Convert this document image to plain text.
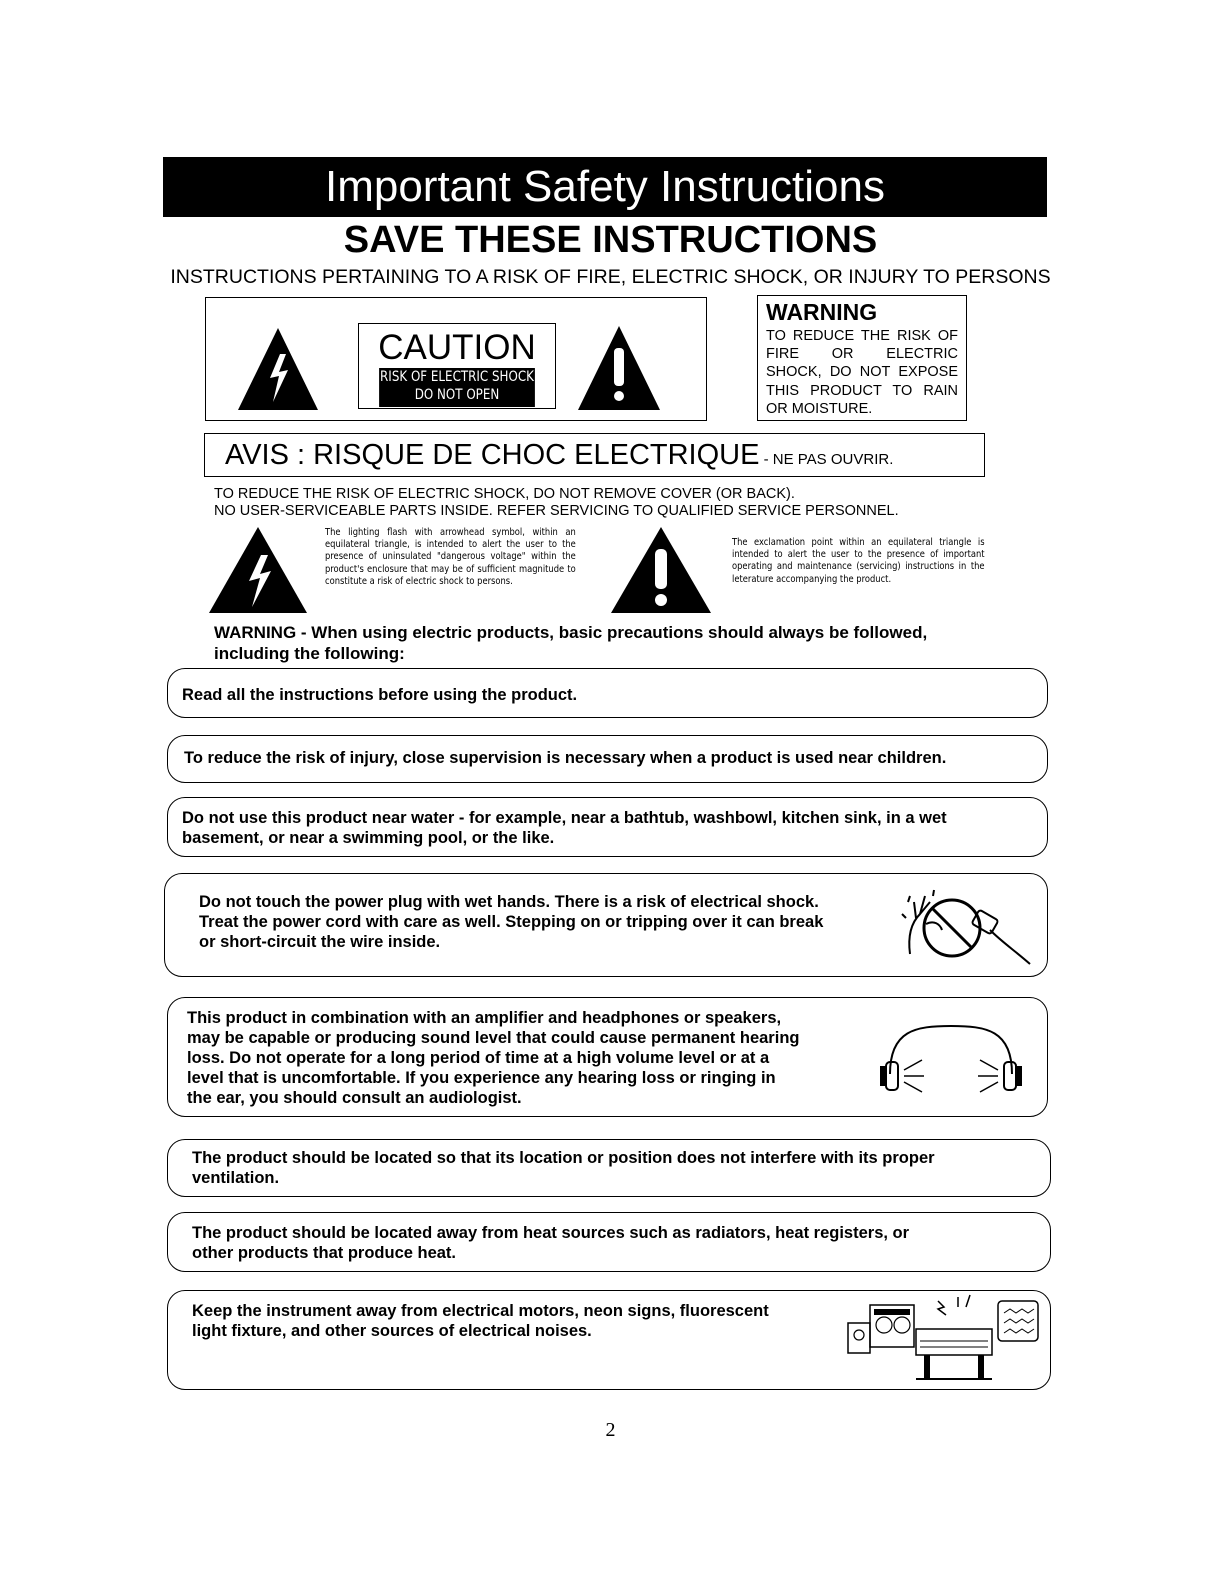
Important Safety Instructions
SAVE THESE INSTRUCTIONS
INSTRUCTIONS PERTAINING TO A RISK OF FIRE, ELECTRIC SHOCK, OR INJURY TO PERSONS
CAUTION
RISK OF ELECTRIC SHOCK
DO NOT OPEN
WARNING
TO REDUCE THE RISK OF FIRE OR ELECTRIC SHOCK, DO NOT EXPOSE THIS PRODUCT TO RAIN OR MOISTURE.
AVIS : RISQUE DE CHOC ELECTRIQUE - NE PAS OUVRIR.
TO REDUCE THE RISK OF ELECTRIC SHOCK, DO NOT REMOVE COVER (OR BACK).
NO USER-SERVICEABLE PARTS INSIDE. REFER SERVICING TO QUALIFIED SERVICE PERSONNEL.
The lighting flash with arrowhead symbol, within an equilateral triangle, is intended to alert the user to the presence of uninsulated "dangerous voltage" within the product's enclosure that may be of sufficient magnitude to constitute a risk of electric shock to persons.
The exclamation point within an equilateral triangle is intended to alert the user to the presence of important operating and maintenance (servicing) instructions in the leterature accompanying the product.
WARNING - When using electric products, basic precautions should always be followed,
including the following:
Read all the instructions before using the product.
To reduce the risk of injury, close supervision is necessary when a product is used near children.
Do not use this product near water - for example, near a bathtub, washbowl, kitchen sink, in a wet
basement, or near a swimming pool, or the like.
Do not touch the power plug with wet hands. There is a risk of electrical shock.
Treat the power cord with care as well. Stepping on or tripping over it can break
or short-circuit the wire inside.
This product in combination with an amplifier and headphones or speakers,
may be capable or producing sound level that could cause permanent hearing
loss. Do not operate for a long period of time at a high volume level or at a
level that is uncomfortable. If you experience any hearing loss or ringing in
the ear, you should consult an audiologist.
The product should be located so that its location or position does not interfere with its proper
ventilation.
The product should be located away from heat sources such as radiators, heat registers, or
other products that produce heat.
Keep the instrument away from electrical motors, neon signs, fluorescent
light fixture, and other sources of electrical noises.
2
